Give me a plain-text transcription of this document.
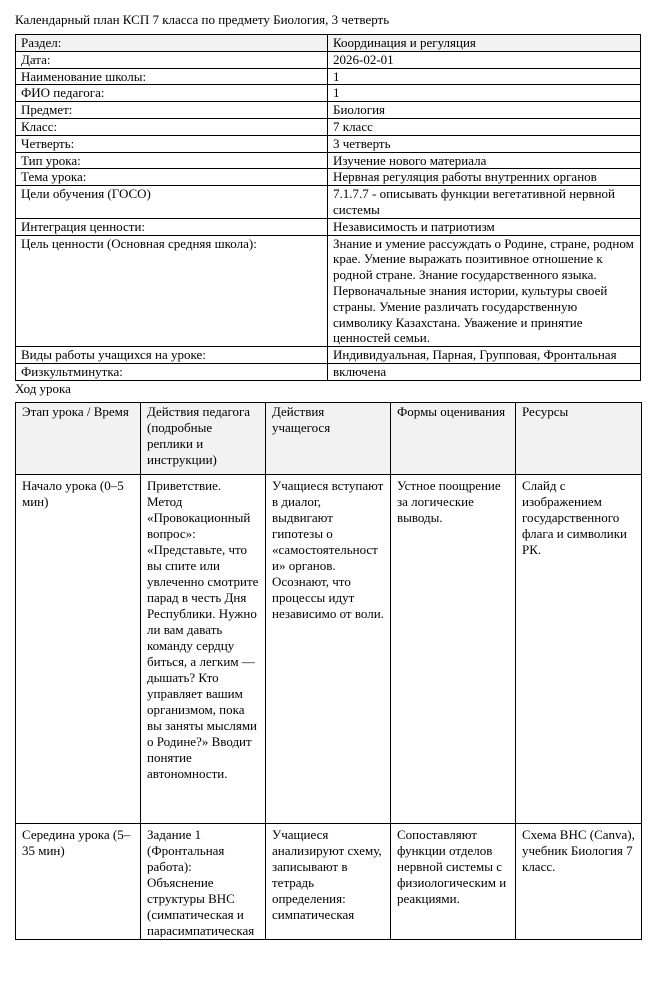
Календарный план КСП 7 класса по предмету Биология, 3 четверть
Раздел:	Координация и регуляция
Дата:	2026-02-01
Наименование школы:	1
ФИО педагога:	1
Предмет:	Биология
Класс:	7 класс
Четверть:	3 четверть
Тип урока:	Изучение нового материала
Тема урока:	Нервная регуляция работы внутренних органов
Цели обучения (ГОСО)	7.1.7.7 - описывать функции вегетативной нервной системы
Интеграция ценности:	Независимость и патриотизм
Цель ценности (Основная средняя школа):	Знание и умение рассуждать о Родине, стране, родном крае. Умение выражать позитивное отношение к родной стране. Знание государственного языка. Первоначальные знания истории, культуры своей страны. Умение различать государственную символику Казахстана. Уважение и принятие ценностей семьи.
Виды работы учащихся на уроке:	Индивидуальная, Парная, Групповая, Фронтальная
Физкультминутка:	включена
Ход урока
Этап урока / Время	Действия педагога (подробные реплики и инструкции)	Действия учащегося	Формы оценивания	Ресурсы
Начало урока (0–5 мин)	Приветствие. Метод «Провокационный вопрос»: «Представьте, что вы спите или увлеченно смотрите парад в честь Дня Республики. Нужно ли вам давать команду сердцу биться, а легким — дышать? Кто управляет вашим организмом, пока вы заняты мыслями о Родине?» Вводит понятие автономности.	Учащиеся вступают в диалог, выдвигают гипотезы о «самостоятельности» органов. Осознают, что процессы идут независимо от воли.	Устное поощрение за логические выводы.	Слайд с изображением государственного флага и символики РК.

Середина урока (5–35 мин)	Задание 1 (Фронтальная работа): Объяснение структуры ВНС (симпатическая и парасимпатическая	Учащиеся анализируют схему, записывают в тетрадь определения: симпатическая	Сопоставляют функции отделов нервной системы с физиологическим и реакциями.	Схема ВНС (Canva), учебник Биология 7 класс.
